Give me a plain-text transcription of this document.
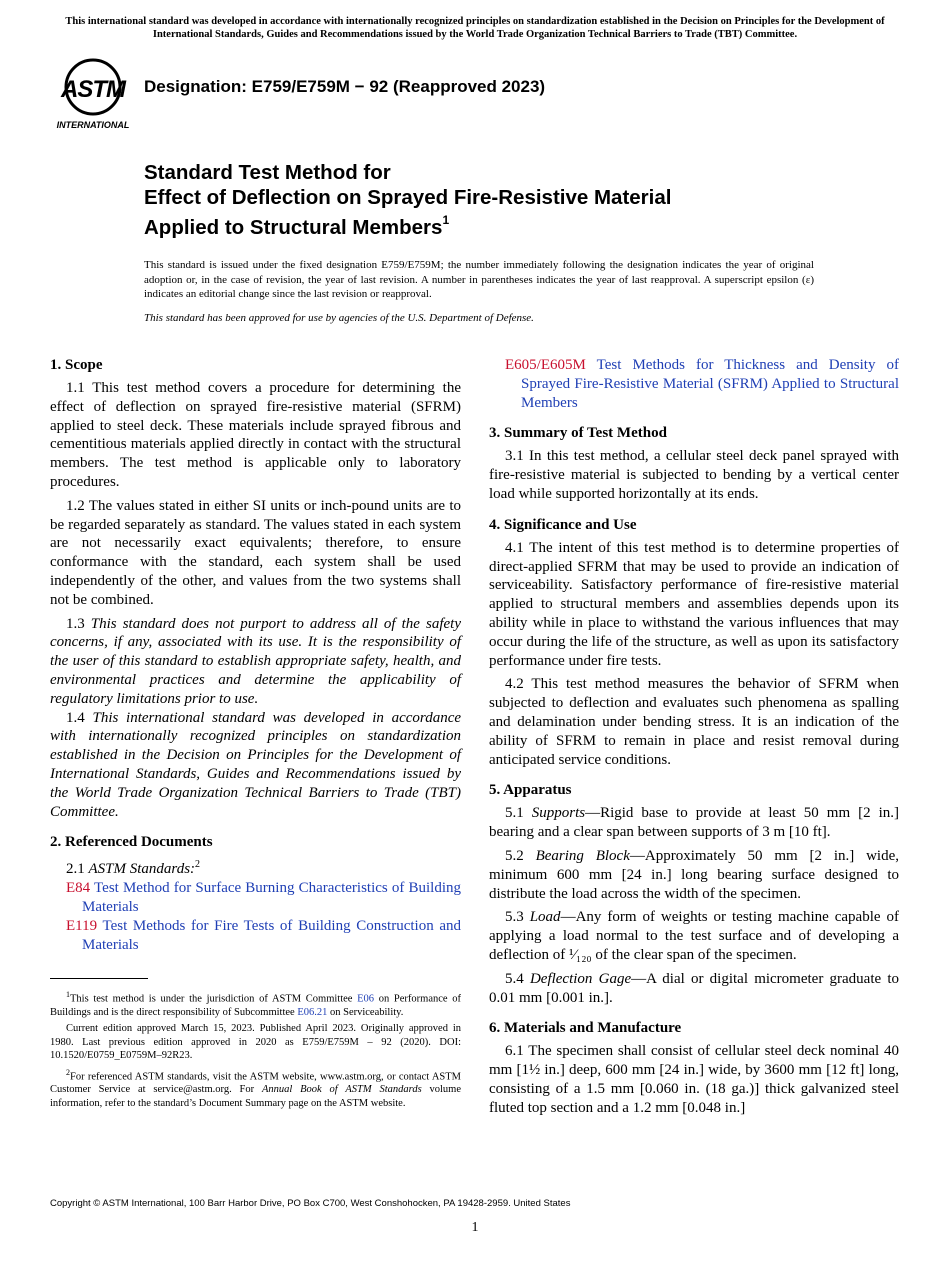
This international standard was developed in accordance with internationally recognized principles on standardization established in the Decision on Principles for the Development of International Standards, Guides and Recommendations issued by the World Trade Organization Technical Barriers to Trade (TBT) Committee.
ASTM
INTERNATIONAL
Designation: E759/E759M − 92 (Reapproved 2023)
Standard Test Method for
Effect of Deflection on Sprayed Fire-Resistive Material
Applied to Structural Members$^1$
This standard is issued under the fixed designation E759/E759M; the number immediately following the designation indicates the year of original adoption or, in the case of revision, the year of last revision. A number in parentheses indicates the year of last reapproval. A superscript epsilon (ε) indicates an editorial change since the last revision or reapproval.
This standard has been approved for use by agencies of the U.S. Department of Defense.
1. Scope

1.1 This test method covers a procedure for determining the effect of deflection on sprayed fire-resistive material (SFRM) applied to steel deck. These materials include sprayed fibrous and cementitious materials applied directly in contact with the structural members. The test method is applicable only to laboratory procedures.

1.2 The values stated in either SI units or inch-pound units are to be regarded separately as standard. The values stated in each system are not necessarily exact equivalents; therefore, to ensure conformance with the standard, each system shall be used independently of the other, and values from the two systems shall not be combined.

1.3 This standard does not purport to address all of the safety concerns, if any, associated with its use. It is the responsibility of the user of this standard to establish appropriate safety, health, and environmental practices and determine the applicability of regulatory limitations prior to use.

1.4 This international standard was developed in accordance with internationally recognized principles on standardization established in the Decision on Principles for the Development of International Standards, Guides and Recommendations issued by the World Trade Organization Technical Barriers to Trade (TBT) Committee.

2. Referenced Documents

2.1 ASTM Standards:$^2$

E84 Test Method for Surface Burning Characteristics of Building Materials
E119 Test Methods for Fire Tests of Building Construction and Materials

$^1$This test method is under the jurisdiction of ASTM Committee E06 on Performance of Buildings and is the direct responsibility of Subcommittee E06.21 on Serviceability.

Current edition approved March 15, 2023. Published April 2023. Originally approved in 1980. Last previous edition approved in 2020 as E759/E759M – 92 (2020). DOI: 10.1520/E0759_E0759M–92R23.

$^2$For referenced ASTM standards, visit the ASTM website, www.astm.org, or contact ASTM Customer Service at service@astm.org. For Annual Book of ASTM Standards volume information, refer to the standard’s Document Summary page on the ASTM website.

E605/E605M Test Methods for Thickness and Density of Sprayed Fire-Resistive Material (SFRM) Applied to Structural Members
3. Summary of Test Method

3.1 In this test method, a cellular steel deck panel sprayed with fire-resistive material is subjected to bending by a vertical center load while supported horizontally at its ends.

4. Significance and Use

4.1 The intent of this test method is to determine properties of direct-applied SFRM that may be used to provide an indication of serviceability. Satisfactory performance of fire-resistive material applied to structural members and assemblies depends upon its ability while in place to withstand the various influences that may occur during the life of the structure, as well as upon its satisfactory performance under fire tests.

4.2 This test method measures the behavior of SFRM when subjected to deflection and evaluates such phenomena as spalling and delamination under bending stress. It is an indication of the ability of SFRM to remain in place and resist removal during anticipated service conditions.

5. Apparatus

5.1 Supports—Rigid base to provide at least 50 mm [2 in.] bearing and a clear span between supports of 3 m [10 ft].

5.2 Bearing Block—Approximately 50 mm [2 in.] wide, minimum 600 mm [24 in.] long bearing surface designed to distribute the load across the width of the specimen.

5.3 Load—Any form of weights or testing machine capable of applying a load normal to the test surface and of developing a deflection of ¹⁄₁₂₀ of the clear span of the specimen.

5.4 Deflection Gage—A dial or digital micrometer graduate to 0.01 mm [0.001 in.].

6. Materials and Manufacture

6.1 The specimen shall consist of cellular steel deck nominal 40 mm [1½ in.] deep, 600 mm [24 in.] wide, by 3600 mm [12 ft] long, consisting of a 1.5 mm [0.060 in. (18 ga.)] thick galvanized steel fluted top section and a 1.2 mm [0.048 in.]

Copyright © ASTM International, 100 Barr Harbor Drive, PO Box C700, West Conshohocken, PA 19428-2959. United States
1
